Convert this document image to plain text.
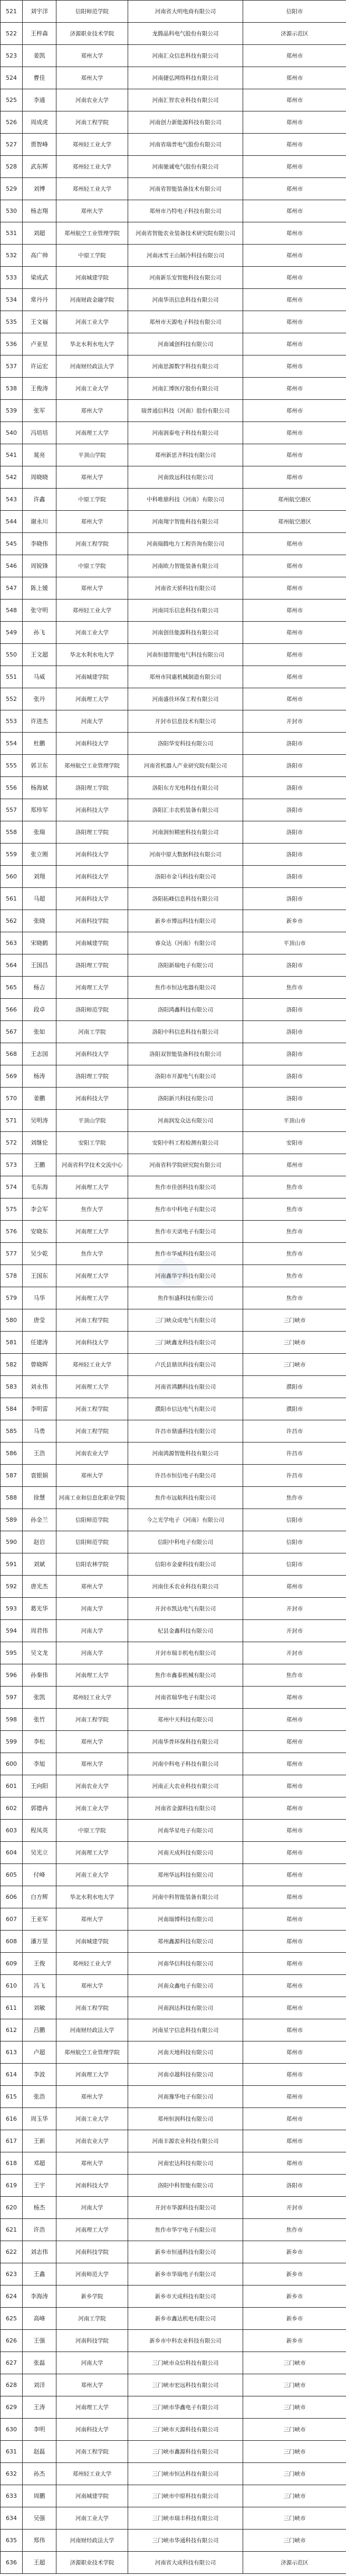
521	刘宇洋	信阳师范学院	河南省大明电商有限公司	信阳市
522	王梓森	济源职业技术学院	龙腾晶科电气股份有限公司	济源示范区
523	姜凯	郑州大学	河南汇众信息科技有限公司	郑州市
524	曹佳	郑州大学	河南捷弘网络科技有限公司	郑州市
525	李通	河南农业大学	河南汇智农业科技有限公司	郑州市
526	周成虎	河南工程学院	河南创力新能源科技有限公司	郑州市
527	贾智峰	郑州轻工业大学	河南省瑞普电气股份有限公司	郑州市
528	武东辉	郑州轻工业大学	河南驰诚电气股份有限公司	郑州市
529	刘博	郑州轻工业大学	河南省智能装备技术有限公司	郑州市
530	杨志翔	郑州大学	郑州市乃特电子科技有限公司	郑州市
531	刘超	郑州航空工业管理学院	河南省智能农业装备技术研究院有限公司	郑州市
532	高广帅	中原工学院	河南冰雪王山制冷科技有限公司	郑州市
533	梁成武	河南城建学院	河南新乐安智能科技有限公司	郑州市
534	常丹丹	河南财政金融学院	河南华讯信息科技有限公司	郑州市
535	王文福	河南工业大学	郑州市天源电子科技有限公司	郑州市
536	卢亚星	华北水利水电大学	河南诚创科技有限公司	郑州市
537	许运宏	河南财经政法大学	河南思源数字科技有限公司	郑州市
538	王俊涛	河南工业大学	河南汇博医疗股份有限公司	郑州市
539	张军	郑州大学	瑞普通信科技（河南）股份有限公司	郑州市
540	冯培培	河南理工大学	河南润泰电子科技有限公司	郑州市
541	晁亮	平顶山学院	郑州新思齐科技有限公司	郑州市
542	周晓晓	郑州大学	河南致远科技有限公司	郑州市
543	许鑫	中原工学院	中科唯鼎科技（河南）有限公司	郑州航空港区
544	谢永川	郑州大学	河南翔宇智能科技有限公司	郑州航空港区
545	李晓伟	河南工程学院	河南瑞腾电力工程咨询有限公司	郑州市
546	周锐锋	中原工学院	河南欧力智能装备有限公司	郑州市
547	陈上媛	郑州大学	河南省天骄科技有限公司	郑州市
548	张守明	郑州轻工业大学	河南同乐信息科技有限公司	郑州市
549	孙飞	河南工业大学	河南创佳能源科技有限公司	郑州市
550	王文超	华北水利水电大学	河南恒德智能电气科技有限公司	郑州市
551	马威	河南城建学院	郑州市同惠机械制造有限公司	郑州市
552	张丹	河南理工大学	河南盛佳环保工程有限公司	郑州市
553	许进杰	河南大学	开封市信息技术有限公司	开封市
554	杜鹏	河南科技大学	洛阳华安科技有限公司	洛阳市
555	郭卫东	郑州航空工业管理学院	河南省机器人产业研究院有限公司	洛阳市
556	杨海斌	洛阳理工学院	洛阳东方光电科技有限公司	洛阳市
557	郑珍军	河南科技大学	洛阳汇丰农机装备有限公司	洛阳市
558	张瑞	洛阳理工学院	河南润恒精密科技有限公司	洛阳市
559	张立刚	河南科技大学	河南中原大数据科技有限公司	洛阳市
560	刘翔	河南科技大学	洛阳市金马科技有限公司	洛阳市
561	马超	河南科技大学	洛阳拓峰信息科技有限公司	洛阳市
562	张晓	河南科技学院	新乡市博远科技有限公司	新乡市
563	宋晓鹤	河南城建学院	睿众达（河南）有限公司	平顶山市
564	王国昌	洛阳理工学院	洛阳新瑞电子有限公司	洛阳市
565	杨吉	河南理工大学	焦作市恒达电器有限公司	焦作市
566	段卓	洛阳师范学院	洛阳鸿鑫科技有限公司	洛阳市
567	张如	河南工学院	洛阳中科信息科技有限公司	洛阳市
568	王志国	河南科技大学	洛阳双智能装备科技有限公司	洛阳市
569	杨涛	洛阳理工学院	洛阳市开源电气有限公司	洛阳市
570	姜鹏	河南科技大学	洛阳新兴科技有限公司	洛阳市
571	吴明涛	平顶山学院	河南润发众达有限公司	平顶山市
572	刘继伦	安阳工学院	安阳中科工程检测有限公司	安阳市
573	王鹏	河南省科学技术交流中心	河南省科学院研究院有限公司	郑州市
574	毛东海	河南理工大学	焦作市佳创科技有限公司	焦作市
575	李会军	焦作大学	焦作市中科电子有限公司	焦作市
576	安晓东	河南理工大学	焦作市天诺电子有限公司	焦作市
577	吴少乾	焦作大学	焦作市华威科技有限公司	焦作市
578	王国东	河南理工大学	河南鑫华宇科技有限公司	焦作市
579	马华	河南理工大学	焦作恒盛科技有限公司	焦作市
580	唐莹	河南工程学院	三门峡众成电气有限公司	三门峡市
581	任建涛	河南科技大学	三门峡鑫龙科技有限公司	三门峡市
582	曾晓晖	郑州轻工业大学	卢氏县鼎讯科技有限公司	三门峡市
583	刘永伟	河南理工大学	河南省鸿鹏科技有限公司	濮阳市
584	李明雷	河南工程学院	濮阳市信达电气有限公司	濮阳市
585	马勇	河南工程学院	许昌市鼎盛科技有限公司	许昌市
586	王浩	河南农业大学	河南鸿源智能科技有限公司	许昌市
587	袁银娟	郑州大学	许昌市恒信电子有限公司	许昌市
588	徐慧	河南工业和信息化职业学院	焦作市远航科技有限公司	焦作市
589	孙金兰	信阳师范学院	今之光学电子（河南）有限公司	信阳市
590	赵岩	信阳师范学院	信阳中科电子有限公司	信阳市
591	刘斌	信阳农林学院	信阳市金豪科技有限公司	信阳市
592	唐光杰	郑州大学	河南佳禾农业科技有限公司	郑州市
593	葛光华	河南大学	开封市凯达电气有限公司	开封市
594	周君伟	河南大学	杞县金鑫科技有限公司	开封市
595	吴文龙	河南大学	开封市瑞丰机电有限公司	开封市
596	孙秦伟	河南理工大学	焦作市鑫泰机械有限公司	焦作市
597	张凯	郑州轻工业大学	河南省瑞华电子有限公司	郑州市
598	张竹	河南工程学院	郑州中天科技有限公司	郑州市
599	李松	郑州大学	河南华普环保科技有限公司	郑州市
600	李旭	郑州大学	河南中科电子科技有限公司	郑州市
601	王向阳	河南农业大学	河南正大农业科技有限公司	郑州市
602	郭德冉	河南工业大学	河南省金源科技有限公司	郑州市
603	程凤英	中原工学院	河南华星电子有限公司	郑州市
604	吴光立	河南理工大学	河南天成科技有限公司	郑州市
605	付峰	河南工业大学	郑州华远科技有限公司	郑州市
606	白方辉	华北水利水电大学	河南中科智能装备有限公司	郑州市
607	王亚军	郑州大学	河南瑞博科技有限公司	郑州市
608	潘万里	河南城建学院	郑州鑫源科技有限公司	郑州市
609	王俊	郑州轻工业大学	河南华信科技有限公司	郑州市
610	冯飞	郑州大学	河南众鑫电子有限公司	郑州市
611	刘敏	河南工程学院	河南润达科技有限公司	郑州市
612	吕鹏	河南财经政法大学	河南星宇信息科技有限公司	郑州市
613	卢超	郑州航空工业管理学院	河南天地科技有限公司	郑州市
614	李波	河南理工大学	河南卓越科技有限公司	郑州市
615	张浩	郑州大学	河南豫华电子有限公司	郑州市
616	周玉华	河南工业大学	郑州恒润科技有限公司	郑州市
617	王新	河南农业大学	河南丰源农业科技有限公司	郑州市
618	邓超	郑州大学	河南宏达科技有限公司	郑州市
619	王宇	河南科技大学	洛阳中科智能有限公司	洛阳市
620	杨杰	河南大学	开封市华源科技有限公司	开封市
621	许浩	河南理工大学	焦作市华宇电子有限公司	焦作市
622	刘志伟	河南科技学院	新乡市恒通科技有限公司	新乡市
623	王鑫	河南师范大学	新乡市华瑞电子有限公司	新乡市
624	李海涛	新乡学院	新乡市天成科技有限公司	新乡市
625	高峰	河南工学院	新乡市鑫达机电有限公司	新乡市
626	王强	河南科技学院	新乡市中科农业科技有限公司	新乡市
627	张磊	河南大学	三门峡市众信科技有限公司	三门峡市
628	刘洋	郑州大学	三门峡市宏远科技有限公司	三门峡市
629	王涛	河南理工大学	三门峡市华鑫电子有限公司	三门峡市
630	李明	河南科技大学	三门峡市天源科技有限公司	三门峡市
631	赵磊	河南工程学院	三门峡市鑫源科技有限公司	三门峡市
632	孙杰	郑州轻工业大学	三门峡市恒达科技有限公司	三门峡市
633	周鹏	河南城建学院	三门峡市中原科技有限公司	三门峡市
634	吴强	河南工业大学	三门峡市瑞丰科技有限公司	三门峡市
635	郑伟	河南财经政法大学	三门峡市华通科技有限公司	三门峡市
636	王超	济源职业技术学院	河南省大成科技有限公司	济源示范区
